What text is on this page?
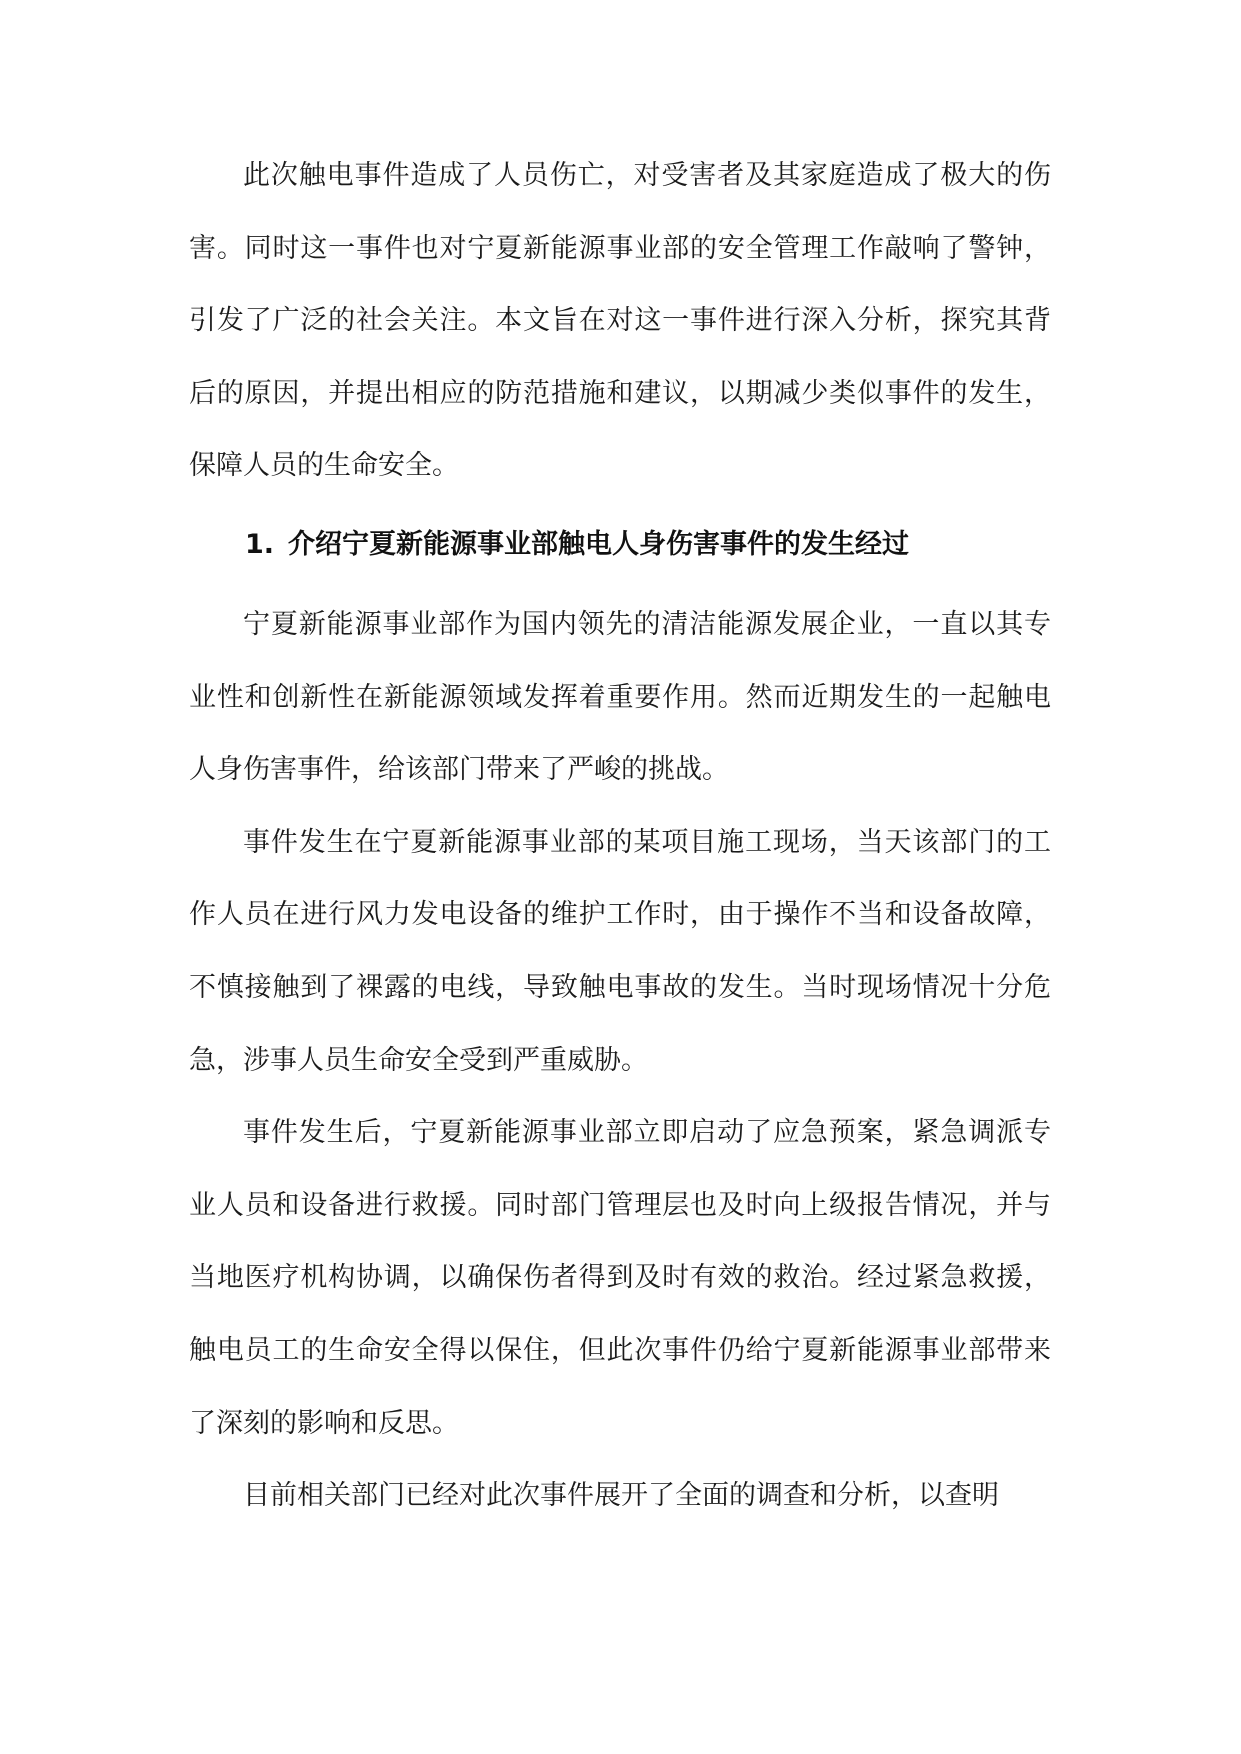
此次触电事件造成了人员伤亡，对受害者及其家庭造成了极大的伤害。同时这一事件也对宁夏新能源事业部的安全管理工作敲响了警钟，引发了广泛的社会关注。本文旨在对这一事件进行深入分析，探究其背后的原因，并提出相应的防范措施和建议，以期减少类似事件的发生，保障人员的生命安全。

1. 介绍宁夏新能源事业部触电人身伤害事件的发生经过

宁夏新能源事业部作为国内领先的清洁能源发展企业，一直以其专业性和创新性在新能源领域发挥着重要作用。然而近期发生的一起触电人身伤害事件，给该部门带来了严峻的挑战。

事件发生在宁夏新能源事业部的某项目施工现场，当天该部门的工作人员在进行风力发电设备的维护工作时，由于操作不当和设备故障，不慎接触到了裸露的电线，导致触电事故的发生。当时现场情况十分危急，涉事人员生命安全受到严重威胁。

事件发生后，宁夏新能源事业部立即启动了应急预案，紧急调派专业人员和设备进行救援。同时部门管理层也及时向上级报告情况，并与当地医疗机构协调，以确保伤者得到及时有效的救治。经过紧急救援，触电员工的生命安全得以保住，但此次事件仍给宁夏新能源事业部带来了深刻的影响和反思。

目前相关部门已经对此次事件展开了全面的调查和分析，以查明
